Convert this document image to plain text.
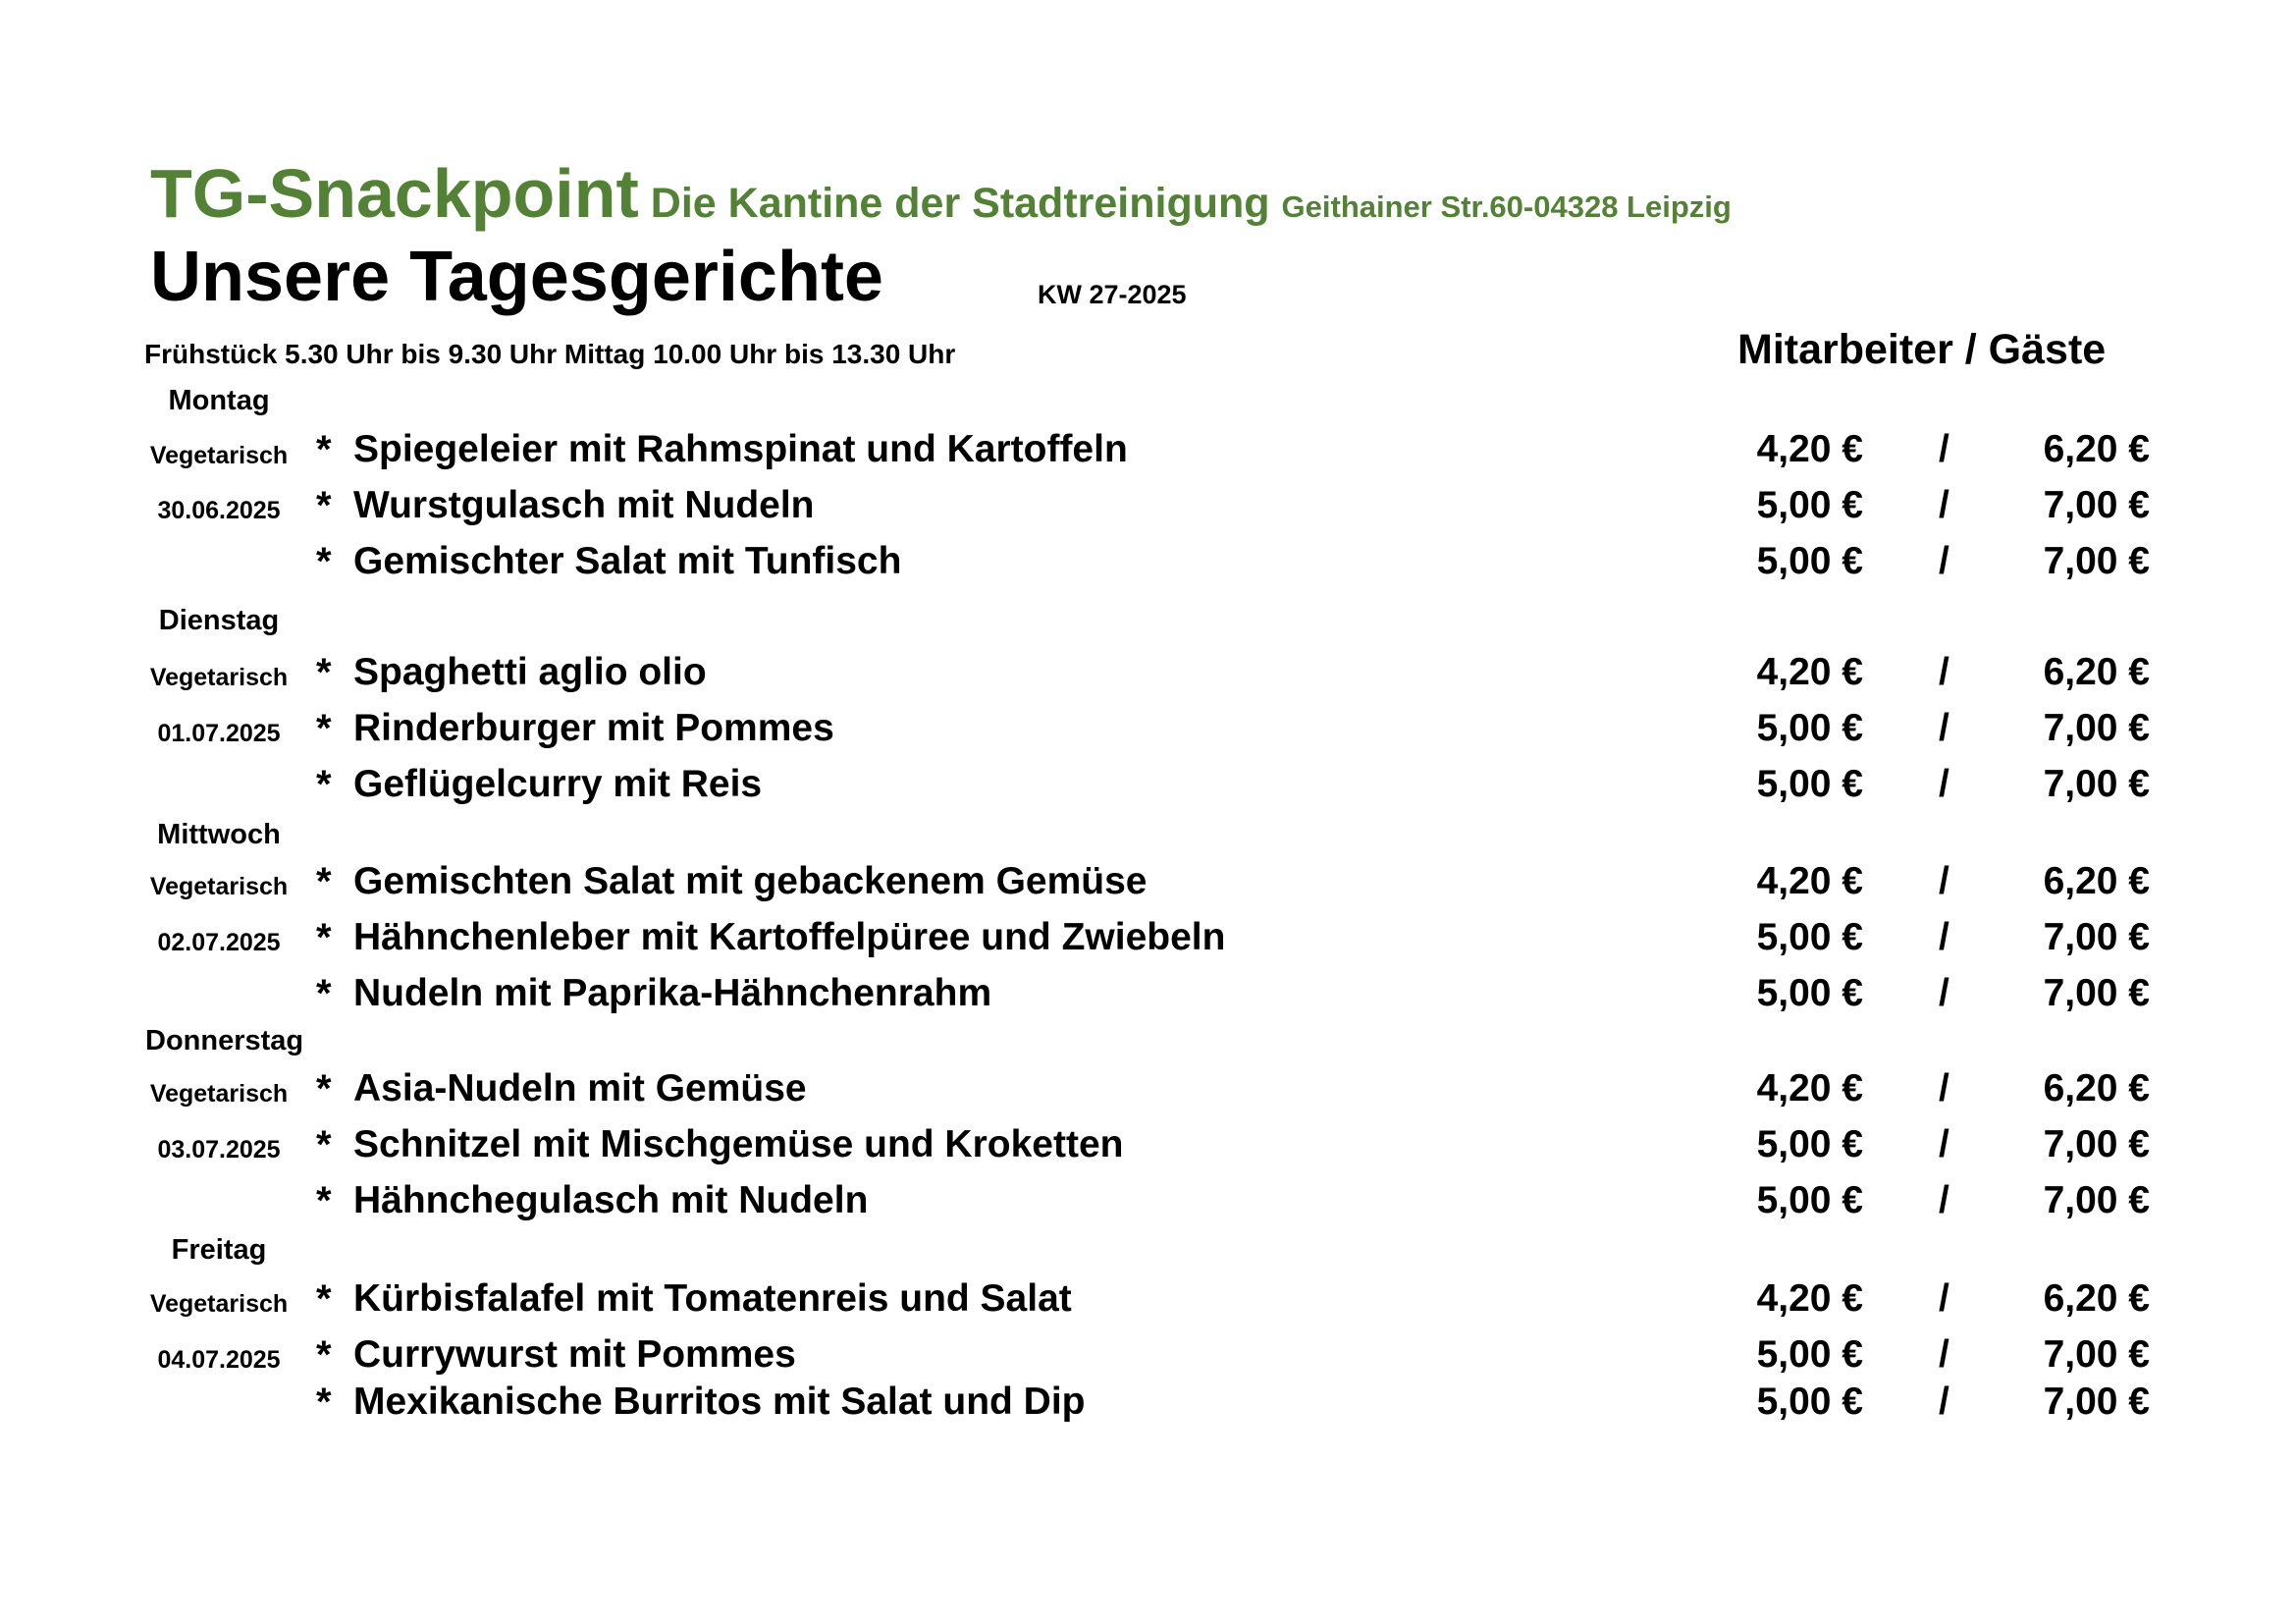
TG-Snackpoint Die Kantine der Stadtreinigung Geithainer Str.60-04328 Leipzig
Unsere Tagesgerichte	KW 27-2025
Frühstück 5.30 Uhr bis 9.30 Uhr Mittag 10.00 Uhr bis 13.30 Uhr	Mitarbeiter / Gäste
Montag
Vegetarisch
30.06.2025
* Spiegeleier mit Rahmspinat und Kartoffeln	4,20 € /	6,20 €
* Wurstgulasch mit Nudeln	5,00 € /	7,00 €
* Gemischter Salat mit Tunfisch	5,00 € /	7,00 €
Dienstag
Vegetarisch
01.07.2025
* Spaghetti aglio olio	4,20 € /	6,20 €
* Rinderburger mit Pommes	5,00 € /	7,00 €
* Geflügelcurry mit Reis	5,00 € /	7,00 €
Mittwoch
Vegetarisch
02.07.2025
* Gemischten Salat mit gebackenem Gemüse	4,20 € /	6,20 €
* Hähnchenleber mit Kartoffelpüree und Zwiebeln	5,00 € /	7,00 €
* Nudeln mit Paprika-Hähnchenrahm	5,00 € /	7,00 €
Donnerstag
Vegetarisch
03.07.2025
* Asia-Nudeln mit Gemüse	4,20 € /	6,20 €
* Schnitzel mit Mischgemüse und Kroketten	5,00 € /	7,00 €
* Hähnchegulasch mit Nudeln	5,00 € /	7,00 €
Freitag
Vegetarisch
04.07.2025
* Kürbisfalafel mit Tomatenreis und Salat	4,20 € /	6,20 €
* Currywurst mit Pommes	5,00 € /	7,00 €
* Mexikanische Burritos mit Salat und Dip	5,00 € /	7,00 €
